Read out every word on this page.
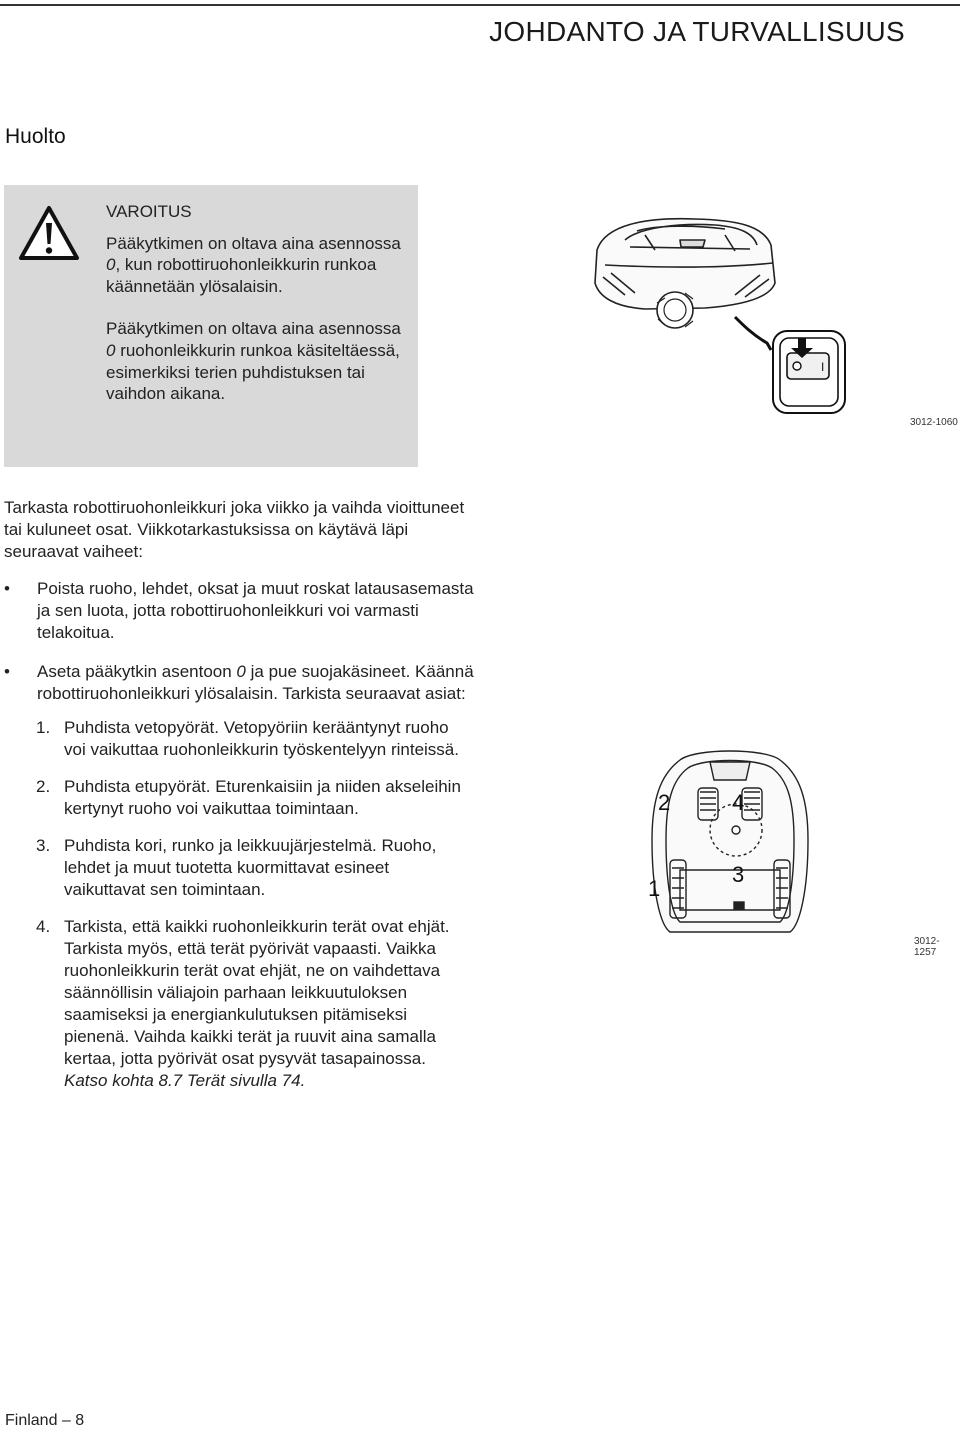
JOHDANTO JA TURVALLISUUS
Huolto

VAROITUS

Pääkytkimen on oltava aina asennossa 0, kun robottiruohonleikkurin runkoa käännetään ylösalaisin.

Pääkytkimen on oltava aina asennossa 0 ruohonleikkurin runkoa käsiteltäessä, esimerkiksi terien puhdistuksen tai vaihdon aikana.

I
3012-1060

Tarkasta robottiruohonleikkuri joka viikko ja vaihda vioittuneet tai kuluneet osat. Viikkotarkastuksissa on käytävä läpi seuraavat vaiheet:

• Poista ruoho, lehdet, oksat ja muut roskat latausasemasta ja sen luota, jotta robottiruohonleikkuri voi varmasti telakoitua.
• Aseta pääkytkin asentoon 0 ja pue suojakäsineet. Käännä robottiruohonleikkuri ylösalaisin. Tarkista seuraavat asiat:
1. Puhdista vetopyörät. Vetopyöriin kerääntynyt ruoho voi vaikuttaa ruohonleikkurin työskentelyyn rinteissä.
2. Puhdista etupyörät. Eturenkaisiin ja niiden akseleihin kertynyt ruoho voi vaikuttaa toimintaan.
3. Puhdista kori, runko ja leikkuujärjestelmä. Ruoho, lehdet ja muut tuotetta kuormittavat esineet vaikuttavat sen toimintaan.
4. Tarkista, että kaikki ruohonleikkurin terät ovat ehjät. Tarkista myös, että terät pyörivät vapaasti. Vaikka ruohonleikkurin terät ovat ehjät, ne on vaihdettava säännöllisin väliajoin parhaan leikkuutuloksen saamiseksi ja energiankulutuksen pitämiseksi pienenä. Vaihda kaikki terät ja ruuvit aina samalla kertaa, jotta pyörivät osat pysyvät tasapainossa. Katso kohta 8.7 Terät sivulla 74.
1
2
3
4
3012-1257
Finland – 8
